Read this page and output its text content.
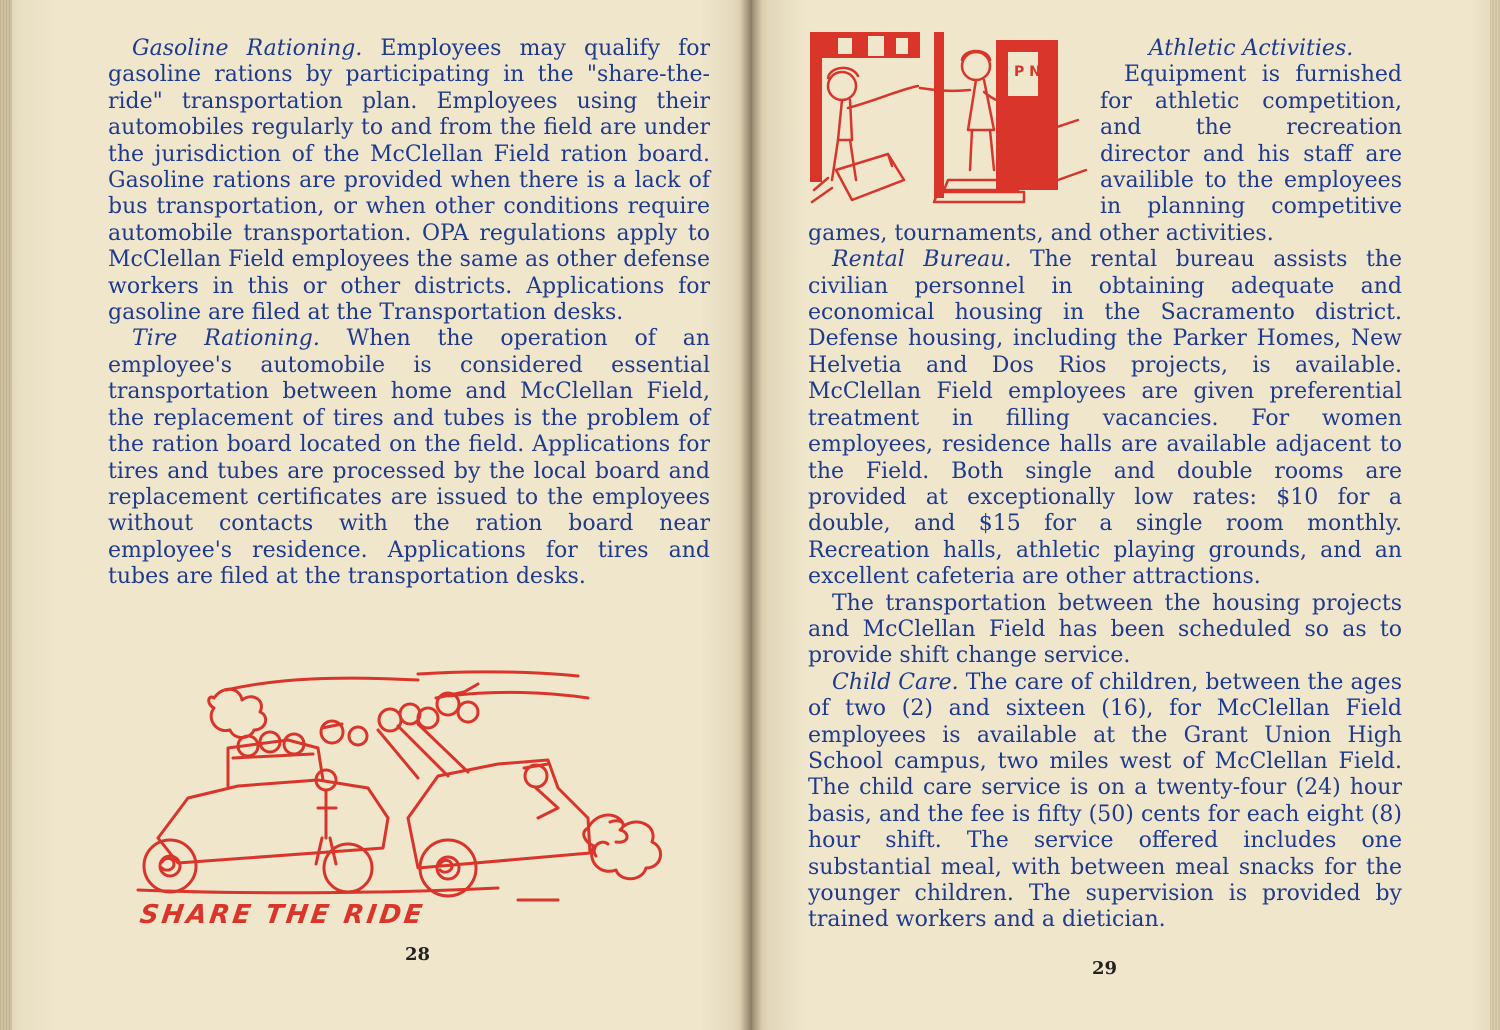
Gasoline Rationing. Employees may qualify for gasoline rations by participating in the "share-the-ride" transportation plan. Employees using their automobiles regularly to and from the field are under the jurisdiction of the McClellan Field ration board. Gasoline rations are provided when there is a lack of bus transportation, or when other conditions require automobile transportation. OPA regulations apply to McClellan Field employees the same as other defense workers in this or other districts. Applications for gasoline are filed at the Transportation desks.

Tire Rationing. When the operation of an employee's automobile is considered essential transportation between home and McClellan Field, the replacement of tires and tubes is the problem of the ration board located on the field. Applications for tires and tubes are processed by the local board and replacement certificates are issued to the employees without contacts with the ration board near employee's residence. Applications for tires and tubes are filed at the transportation desks.

SHARE THE RIDE
28
P N

Athletic Activities.

Equipment is furnished for athletic competition, and the recreation director and his staff are availible to the employees in planning competitive games, tournaments, and other activities.

Rental Bureau. The rental bureau assists the civilian personnel in obtaining adequate and economical housing in the Sacramento district. Defense housing, including the Parker Homes, New Helvetia and Dos Rios projects, is available. McClellan Field employees are given preferential treatment in filling vacancies. For women employees, residence halls are available adjacent to the Field. Both single and double rooms are provided at exceptionally low rates: $10 for a double, and $15 for a single room monthly. Recreation halls, athletic playing grounds, and an excellent cafeteria are other attractions.

The transportation between the housing projects and McClellan Field has been scheduled so as to provide shift change service.

Child Care. The care of children, between the ages of two (2) and sixteen (16), for McClellan Field employees is available at the Grant Union High School campus, two miles west of McClellan Field. The child care service is on a twenty-four (24) hour basis, and the fee is fifty (50) cents for each eight (8) hour shift. The service offered includes one substantial meal, with between meal snacks for the younger children. The supervision is provided by trained workers and a dietician.

29
